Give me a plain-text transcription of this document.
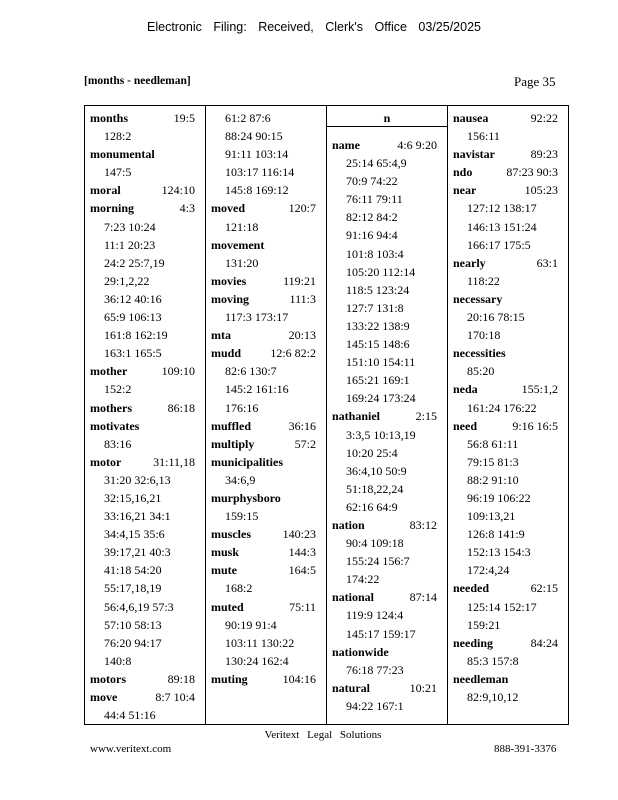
Electronic Filing: Received, Clerk's Office 03/25/2025
[months - needleman]	Page 35
months	19:5
128:2
monumental
147:5
moral	124:10
morning	4:3
7:23 10:24
11:1 20:23
24:2 25:7,19
29:1,2,22
36:12 40:16
65:9 106:13
161:8 162:19
163:1 165:5
mother	109:10
152:2
mothers	86:18
motivates
83:16
motor	31:11,18
31:20 32:6,13
32:15,16,21
33:16,21 34:1
34:4,15 35:6
39:17,21 40:3
41:18 54:20
55:17,18,19
56:4,6,19 57:3
57:10 58:13
76:20 94:17
140:8
motors	89:18
move	8:7 10:4
44:4 51:16
61:2 87:6
88:24 90:15
91:11 103:14
103:17 116:14
145:8 169:12
moved	120:7
121:18
movement
131:20
movies	119:21
moving	111:3
117:3 173:17
mta	20:13
mudd 12:6 82:2
82:6 130:7
145:2 161:16
176:16
muffled	36:16
multiply	57:2
municipalities
34:6,9
murphysboro
159:15
muscles	140:23
musk	144:3
mute	164:5
168:2
muted	75:11
90:19 91:4
103:11 130:22
130:24 162:4
muting	104:16
n
name	4:6 9:20
25:14 65:4,9
70:9 74:22
76:11 79:11
82:12 84:2
91:16 94:4
101:8 103:4
105:20 112:14
118:5 123:24
127:7 131:8
133:22 138:9
145:15 148:6
151:10 154:11
165:21 169:1
169:24 173:24
nathaniel	2:15
3:3,5 10:13,19
10:20 25:4
36:4,10 50:9
51:18,22,24
62:16 64:9
nation	83:12
90:4 109:18
155:24 156:7
174:22
national	87:14
119:9 124:4
145:17 159:17
nationwide
76:18 77:23
natural	10:21
94:22 167:1
nausea	92:22
156:11
navistar	89:23
ndo	87:23 90:3
near	105:23
127:12 138:17
146:13 151:24
166:17 175:5
nearly	63:1
118:22
necessary
20:16 78:15
170:18
necessities
85:20
neda	155:1,2
161:24 176:22
need	9:16 16:5
56:8 61:11
79:15 81:3
88:2 91:10
96:19 106:22
109:13,21
126:8 141:9
152:13 154:3
172:4,24
needed	62:15
125:14 152:17
159:21
needing	84:24
85:3 157:8
needleman
82:9,10,12
Veritext Legal Solutions
www.veritext.com	888-391-3376
